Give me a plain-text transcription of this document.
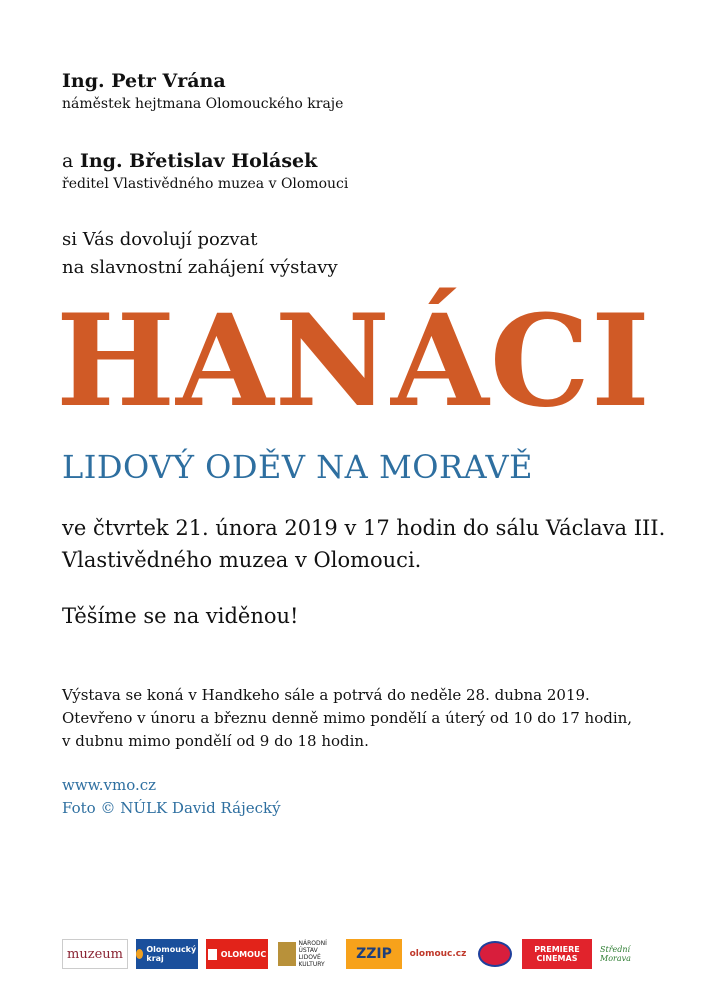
Ing. Petr Vrána
náměstek hejtmana Olomouckého kraje
a Ing. Břetislav Holásek
ředitel Vlastivědného muzea v Olomouci
si Vás dovolují pozvat
na slavnostní zahájení výstavy
HANÁCI
LIDOVÝ ODĚV NA MORAVĚ
ve čtvrtek 21. února 2019 v 17 hodin do sálu Václava III.
Vlastivědného muzea v Olomouci.
Těšíme se na viděnou!
Výstava se koná v Handkeho sále a potrvá do neděle 28. dubna 2019.
Otevřeno v únoru a březnu denně mimo pondělí a úterý od 10 do 17 hodin,
v dubnu mimo pondělí od 9 do 18 hodin.
www.vmo.cz
Foto © NÚLK David Rájecký
muzeum	Olomoucký kraj	OLOMOUC
NÁRODNÍ ÚSTAV LIDOVÉ KULTURY
ZZIP	olomouc.cz	PREMIERE CINEMAS
Střední Morava
